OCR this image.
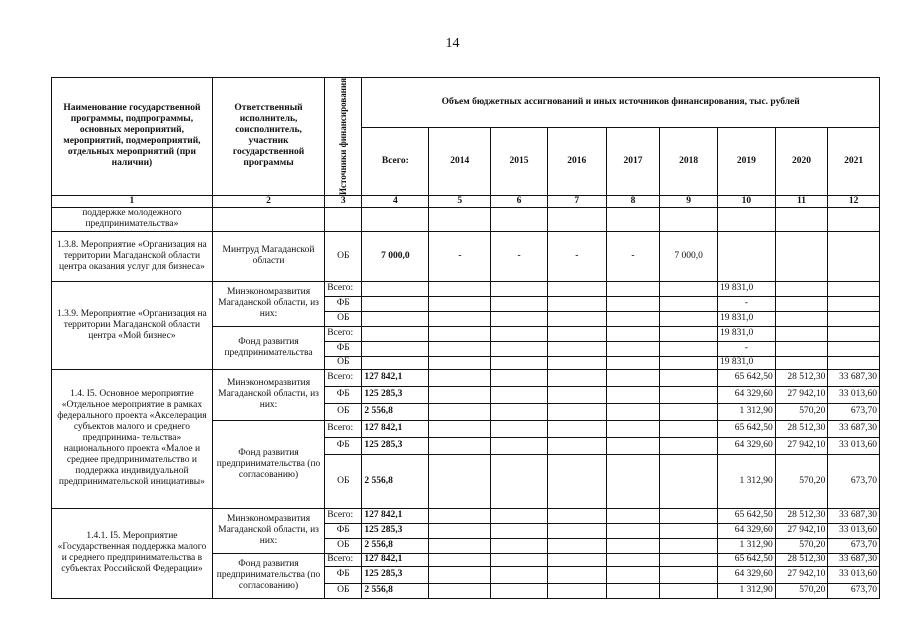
14
Наименование государственной программы, подпрограммы, основных мероприятий, мероприятий, подмероприятий, отдельных мероприятий (при наличии)	Ответственный исполнитель, соисполнитель, участник государственной программы	Источники финансирования	Объем бюджетных ассигнований и иных источников финансирования, тыс. рублей								
			Всего:	2014	2015	2016	2017	2018	2019	2020	2021
1	2	3	4	5	6	7	8	9	10	11	12
поддержке молодежного предпринимательства»											
1.3.8. Мероприятие «Организация на территории Магаданской области центра оказания услуг для бизнеса»	Минтруд Магаданской области	ОБ	7 000,0	-	-	-	-	7 000,0			
1.3.9. Мероприятие «Организация на территории Магаданской области центра «Мой бизнес»	Минэкономразвития Магаданской области, из них:	Всего:							19 831,0		
		ФБ							-		
		ОБ							19 831,0		
	Фонд развития предпринимательства	Всего:							19 831,0		
		ФБ							-		
		ОБ							19 831,0		
1.4. I5. Основное мероприятие «Отдельное мероприятие в рамках федерального проекта «Акселерация субъектов малого и среднего предпринима- тельства» национального проекта «Малое и среднее предпринимательство и поддержка индивидуальной предпринимательской инициативы»	Минэкономразвития Магаданской области, из них:	Всего:	127 842,1						65 642,50	28 512,30	33 687,30
		ФБ	125 285,3						64 329,60	27 942,10	33 013,60
		ОБ	2 556,8						1 312,90	570,20	673,70
	Фонд развития предпринимательства (по согласованию)	Всего:	127 842,1						65 642,50	28 512,30	33 687,30
		ФБ	125 285,3						64 329,60	27 942,10	33 013,60
		ОБ	2 556,8						1 312,90	570,20	673,70
1.4.1. I5. Мероприятие «Государственная поддержка малого и среднего предпринимательства в субъектах Российской Федерации»	Минэкономразвития Магаданской области, из них:	Всего:	127 842,1						65 642,50	28 512,30	33 687,30
		ФБ	125 285,3						64 329,60	27 942,10	33 013,60
		ОБ	2 556,8						1 312,90	570,20	673,70
	Фонд развития предпринимательства (по согласованию)	Всего:	127 842,1						65 642,50	28 512,30	33 687,30
		ФБ	125 285,3						64 329,60	27 942,10	33 013,60
		ОБ	2 556,8						1 312,90	570,20	673,70
